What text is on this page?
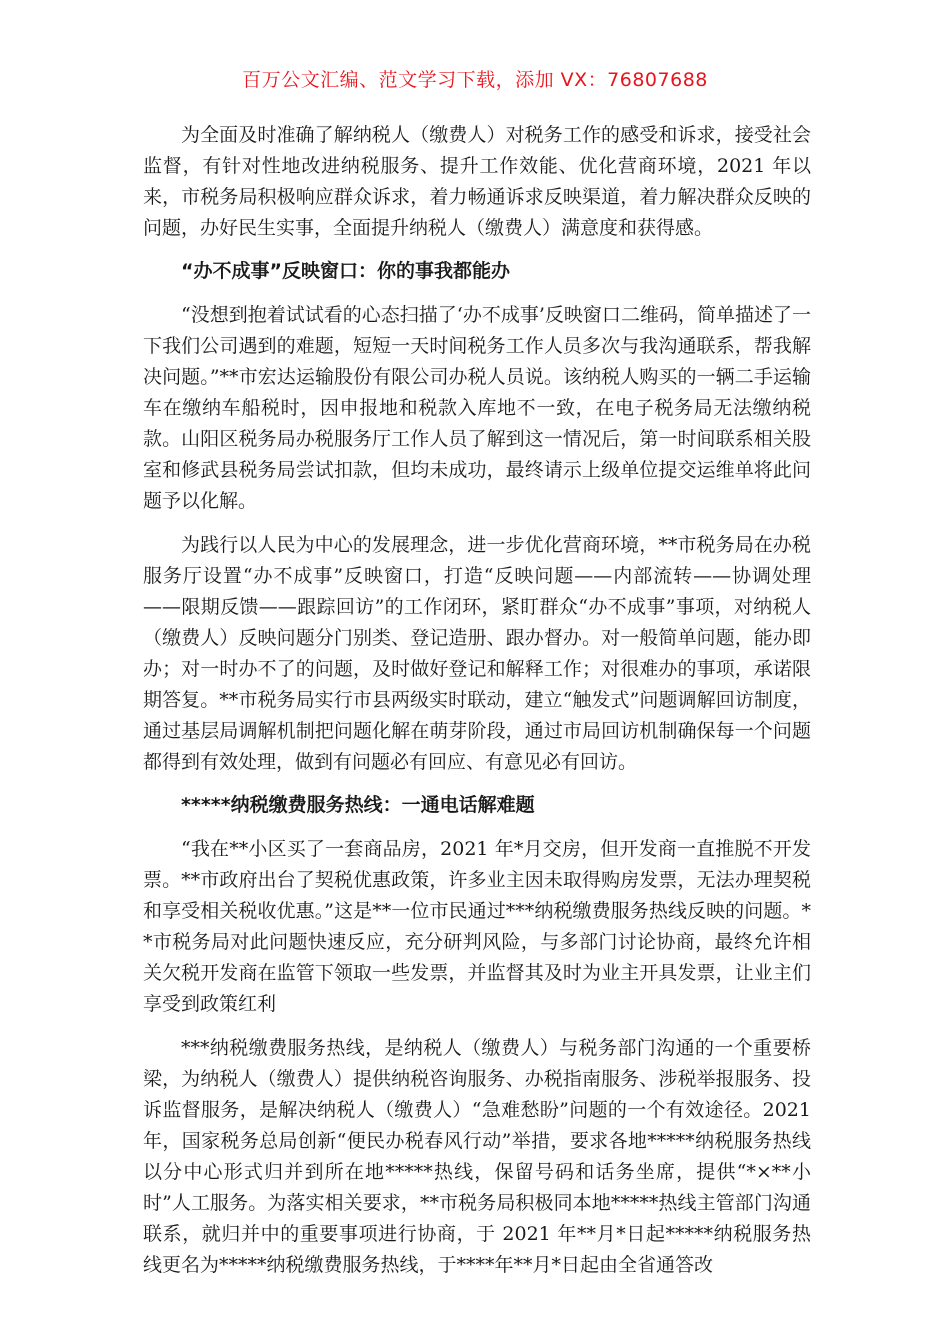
百万公文汇编、范文学习下载，添加 VX：76807688

为全面及时准确了解纳税人（缴费人）对税务工作的感受和诉求，接受社会监督，有针对性地改进纳税服务、提升工作效能、优化营商环境，2021 年以来，市税务局积极响应群众诉求，着力畅通诉求反映渠道，着力解决群众反映的问题，办好民生实事，全面提升纳税人（缴费人）满意度和获得感。

“办不成事”反映窗口：你的事我都能办

“没想到抱着试试看的心态扫描了‘办不成事’反映窗口二维码，简单描述了一下我们公司遇到的难题，短短一天时间税务工作人员多次与我沟通联系，帮我解决问题。”**市宏达运输股份有限公司办税人员说。该纳税人购买的一辆二手运输车在缴纳车船税时，因申报地和税款入库地不一致，在电子税务局无法缴纳税款。山阳区税务局办税服务厅工作人员了解到这一情况后，第一时间联系相关股室和修武县税务局尝试扣款，但均未成功，最终请示上级单位提交运维单将此问题予以化解。

为践行以人民为中心的发展理念，进一步优化营商环境，**市税务局在办税服务厅设置“办不成事”反映窗口，打造“反映问题——内部流转——协调处理——限期反馈——跟踪回访”的工作闭环，紧盯群众“办不成事”事项，对纳税人（缴费人）反映问题分门别类、登记造册、跟办督办。对一般简单问题，能办即办；对一时办不了的问题，及时做好登记和解释工作；对很难办的事项，承诺限期答复。**市税务局实行市县两级实时联动，建立“触发式”问题调解回访制度，通过基层局调解机制把问题化解在萌芽阶段，通过市局回访机制确保每一个问题都得到有效处理，做到有问题必有回应、有意见必有回访。

*****纳税缴费服务热线：一通电话解难题

“我在**小区买了一套商品房，2021 年*月交房，但开发商一直推脱不开发票。**市政府出台了契税优惠政策，许多业主因未取得购房发票，无法办理契税和享受相关税收优惠。”这是**一位市民通过***纳税缴费服务热线反映的问题。**市税务局对此问题快速反应，充分研判风险，与多部门讨论协商，最终允许相关欠税开发商在监管下领取一些发票，并监督其及时为业主开具发票，让业主们享受到政策红利

***纳税缴费服务热线，是纳税人（缴费人）与税务部门沟通的一个重要桥梁，为纳税人（缴费人）提供纳税咨询服务、办税指南服务、涉税举报服务、投诉监督服务，是解决纳税人（缴费人）“急难愁盼”问题的一个有效途径。2021 年，国家税务总局创新“便民办税春风行动”举措，要求各地*****纳税服务热线以分中心形式归并到所在地*****热线，保留号码和话务坐席，提供“*×**小时”人工服务。为落实相关要求，**市税务局积极同本地*****热线主管部门沟通联系，就归并中的重要事项进行协商，于 2021 年**月*日起*****纳税服务热线更名为*****纳税缴费服务热线，于****年**月*日起由全省通答改
